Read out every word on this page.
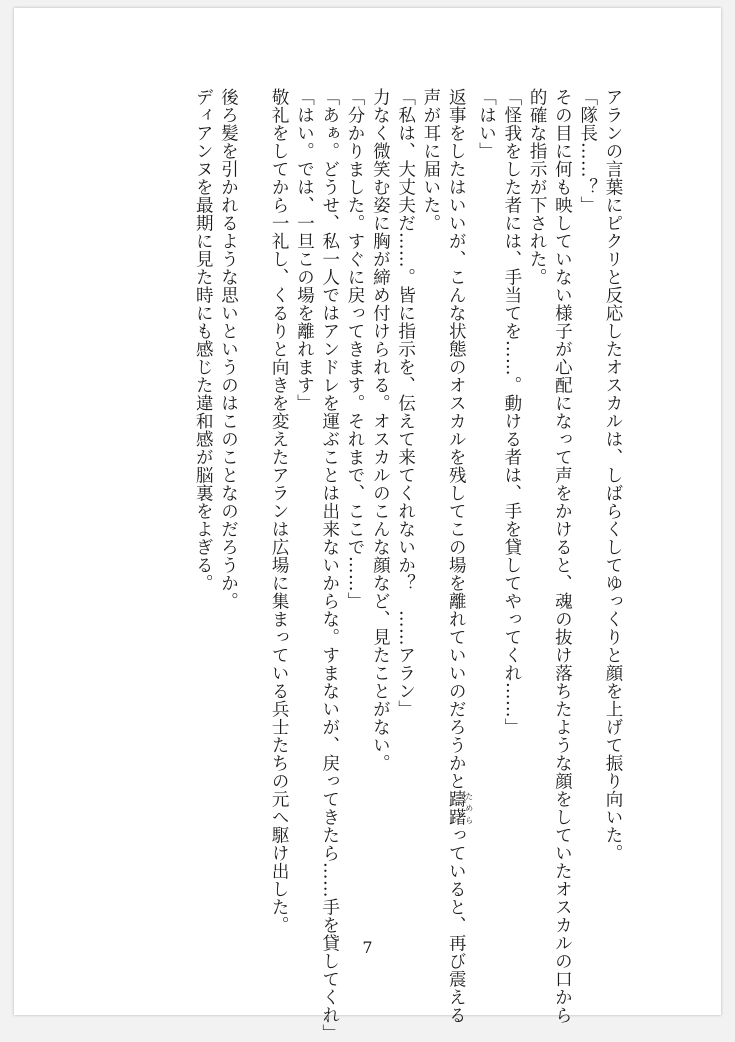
アランの言葉にピクリと反応したオスカルは、しばらくしてゆっくりと顔を上げて振り向いた。
「隊長……？」
その目に何も映していない様子が心配になって声をかけると、魂の抜け落ちたような顔をしていたオスカルの口から
的確な指示が下された。
「怪我をした者には、手当てを……。動ける者は、手を貸してやってくれ……」
「はい」
返事をしたはいいが、こんな状態のオスカルを残してこの場を離れていいのだろうかと躊躇ためらっていると、再び震える
声が耳に届いた。
「私は、大丈夫だ……。皆に指示を、伝えて来てくれないか？　……アラン」
力なく微笑む姿に胸が締め付けられる。オスカルのこんな顔など、見たことがない。
「分かりました。すぐに戻ってきます。それまで、ここで……」
「あぁ。どうせ、私一人ではアンドレを運ぶことは出来ないからな。すまないが、戻ってきたら……手を貸してくれ」
「はい。では、一旦この場を離れます」
敬礼をしてから一礼し、くるりと向きを変えたアランは広場に集まっている兵士たちの元へ駆け出した。

後ろ髪を引かれるような思いというのはこのことなのだろうか。
ディアンヌを最期に見た時にも感じた違和感が脳裏をよぎる。
7
